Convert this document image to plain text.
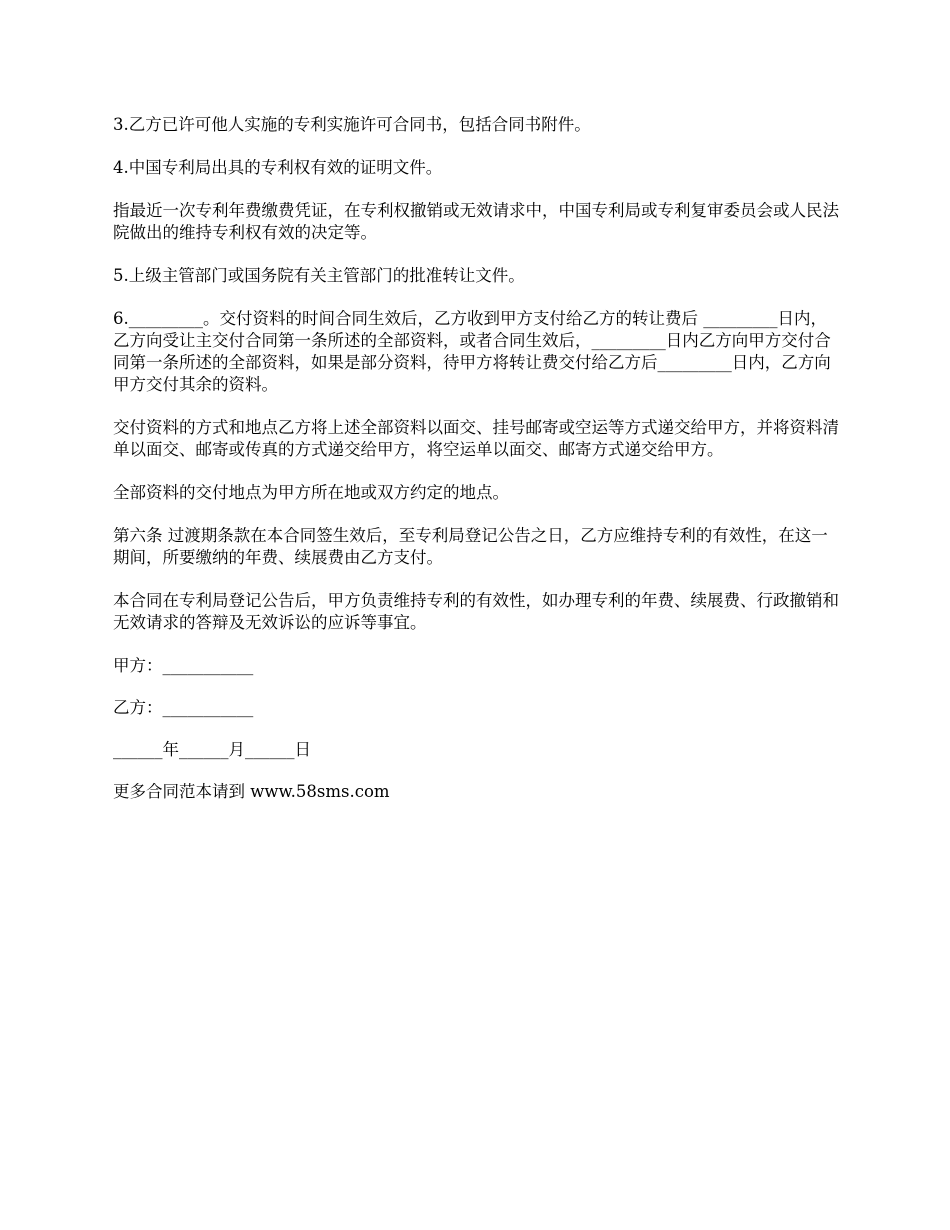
3.乙方已许可他人实施的专利实施许可合同书，包括合同书附件。

4.中国专利局出具的专利权有效的证明文件。

指最近一次专利年费缴费凭证，在专利权撤销或无效请求中，中国专利局或专利复审委员会或人民法院做出的维持专利权有效的决定等。

5.上级主管部门或国务院有关主管部门的批准转让文件。

6._________。交付资料的时间合同生效后，乙方收到甲方支付给乙方的转让费后 _________日内，乙方向受让主交付合同第一条所述的全部资料，或者合同生效后，_________日内乙方向甲方交付合同第一条所述的全部资料，如果是部分资料，待甲方将转让费交付给乙方后_________日内，乙方向甲方交付其余的资料。

交付资料的方式和地点乙方将上述全部资料以面交、挂号邮寄或空运等方式递交给甲方，并将资料清单以面交、邮寄或传真的方式递交给甲方，将空运单以面交、邮寄方式递交给甲方。

全部资料的交付地点为甲方所在地或双方约定的地点。

第六条 过渡期条款在本合同签生效后，至专利局登记公告之日，乙方应维持专利的有效性，在这一期间，所要缴纳的年费、续展费由乙方支付。

本合同在专利局登记公告后，甲方负责维持专利的有效性，如办理专利的年费、续展费、行政撤销和无效请求的答辩及无效诉讼的应诉等事宜。

甲方：___________

乙方：___________

______年______月______日

更多合同范本请到 www.58sms.com
